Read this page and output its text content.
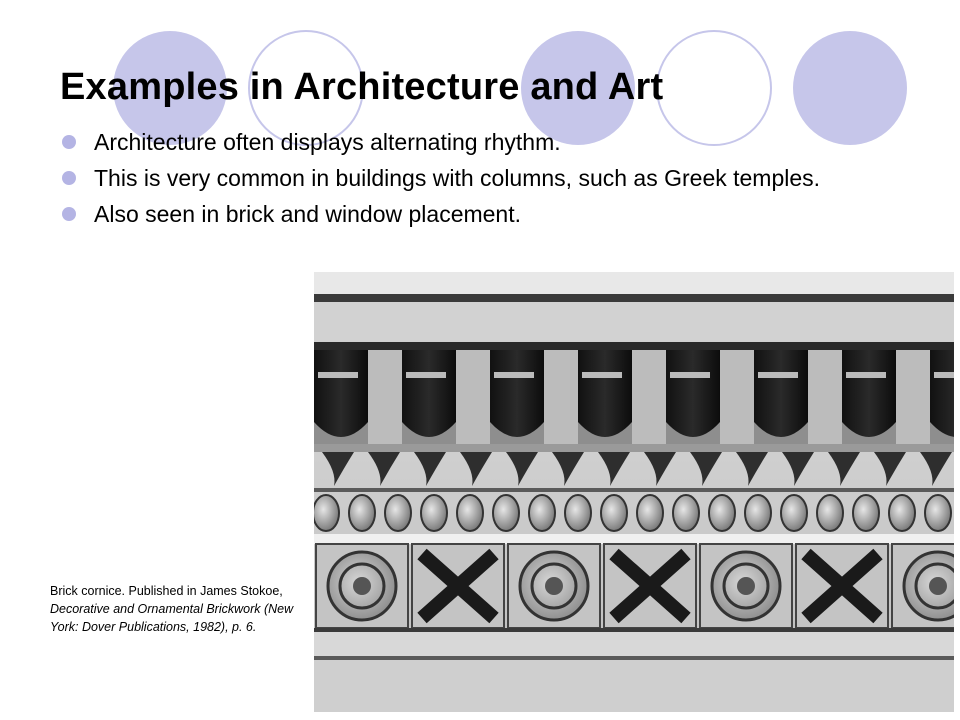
Examples in Architecture and Art
Architecture often displays alternating rhythm.
This is very common in buildings with columns, such as Greek temples.
Also seen in brick and window placement.

Brick cornice. Published in James Stokoe, Decorative and Ornamental Brickwork (New York: Dover Publications, 1982), p. 6.
